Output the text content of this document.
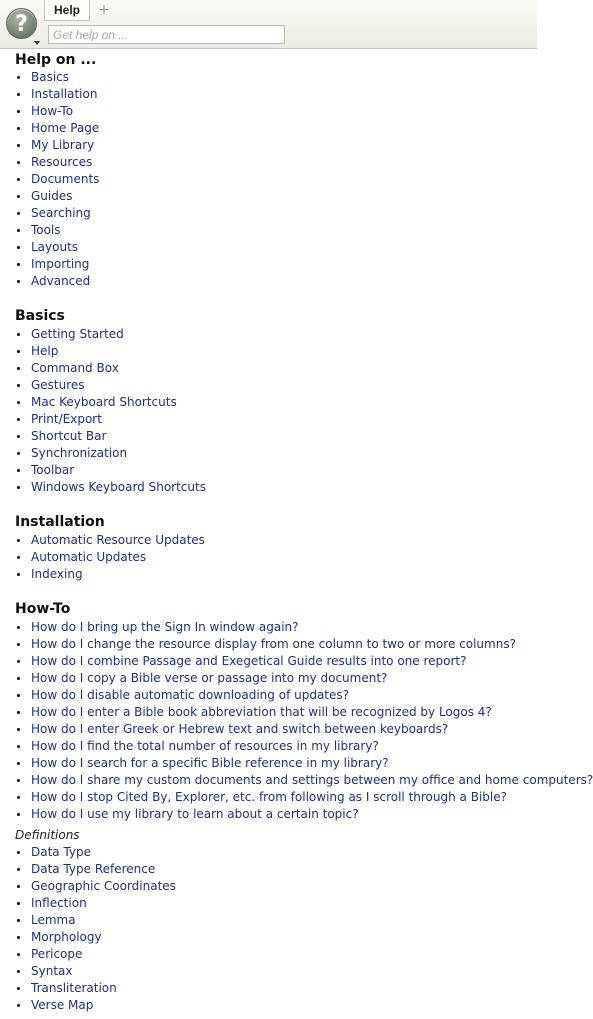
?
Help	+
Get help on ...
Help on ...
Basics
Installation
How-To
Home Page
My Library
Resources
Documents
Guides
Searching
Tools
Layouts
Importing
Advanced
Basics
Getting Started
Help
Command Box
Gestures
Mac Keyboard Shortcuts
Print/Export
Shortcut Bar
Synchronization
Toolbar
Windows Keyboard Shortcuts
Installation
Automatic Resource Updates
Automatic Updates
Indexing
How-To
How do I bring up the Sign In window again?
How do I change the resource display from one column to two or more columns?
How do I combine Passage and Exegetical Guide results into one report?
How do I copy a Bible verse or passage into my document?
How do I disable automatic downloading of updates?
How do I enter a Bible book abbreviation that will be recognized by Logos 4?
How do I enter Greek or Hebrew text and switch between keyboards?
How do I find the total number of resources in my library?
How do I search for a specific Bible reference in my library?
How do I share my custom documents and settings between my office and home computers?
How do I stop Cited By, Explorer, etc. from following as I scroll through a Bible?
How do I use my library to learn about a certain topic?
Definitions
Data Type
Data Type Reference
Geographic Coordinates
Inflection
Lemma
Morphology
Pericope
Syntax
Transliteration
Verse Map
